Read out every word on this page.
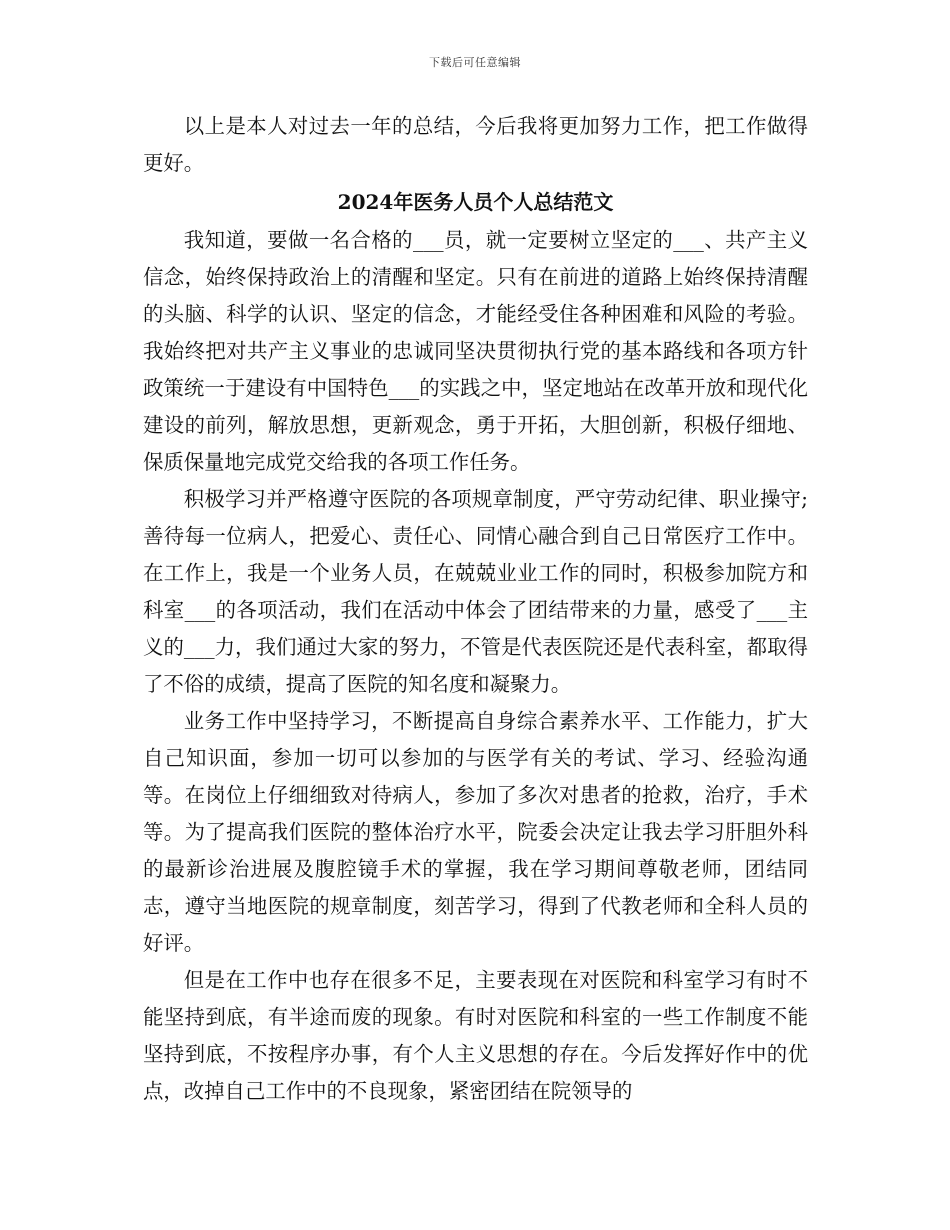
下载后可任意编辑

以上是本人对过去一年的总结，今后我将更加努力工作，把工作做得更好。

2024年医务人员个人总结范文

我知道，要做一名合格的___员，就一定要树立坚定的___、共产主义信念，始终保持政治上的清醒和坚定。只有在前进的道路上始终保持清醒的头脑、科学的认识、坚定的信念，才能经受住各种困难和风险的考验。我始终把对共产主义事业的忠诚同坚决贯彻执行党的基本路线和各项方针政策统一于建设有中国特色___的实践之中，坚定地站在改革开放和现代化建设的前列，解放思想，更新观念，勇于开拓，大胆创新，积极仔细地、保质保量地完成党交给我的各项工作任务。

积极学习并严格遵守医院的各项规章制度，严守劳动纪律、职业操守;善待每一位病人，把爱心、责任心、同情心融合到自己日常医疗工作中。在工作上，我是一个业务人员，在兢兢业业工作的同时，积极参加院方和科室___的各项活动，我们在活动中体会了团结带来的力量，感受了___主义的___力，我们通过大家的努力，不管是代表医院还是代表科室，都取得了不俗的成绩，提高了医院的知名度和凝聚力。

业务工作中坚持学习，不断提高自身综合素养水平、工作能力，扩大自己知识面，参加一切可以参加的与医学有关的考试、学习、经验沟通等。在岗位上仔细细致对待病人，参加了多次对患者的抢救，治疗，手术等。为了提高我们医院的整体治疗水平，院委会决定让我去学习肝胆外科的最新诊治进展及腹腔镜手术的掌握，我在学习期间尊敬老师，团结同志，遵守当地医院的规章制度，刻苦学习，得到了代教老师和全科人员的好评。

但是在工作中也存在很多不足，主要表现在对医院和科室学习有时不能坚持到底，有半途而废的现象。有时对医院和科室的一些工作制度不能坚持到底，不按程序办事，有个人主义思想的存在。今后发挥好作中的优点，改掉自己工作中的不良现象，紧密团结在院领导的
